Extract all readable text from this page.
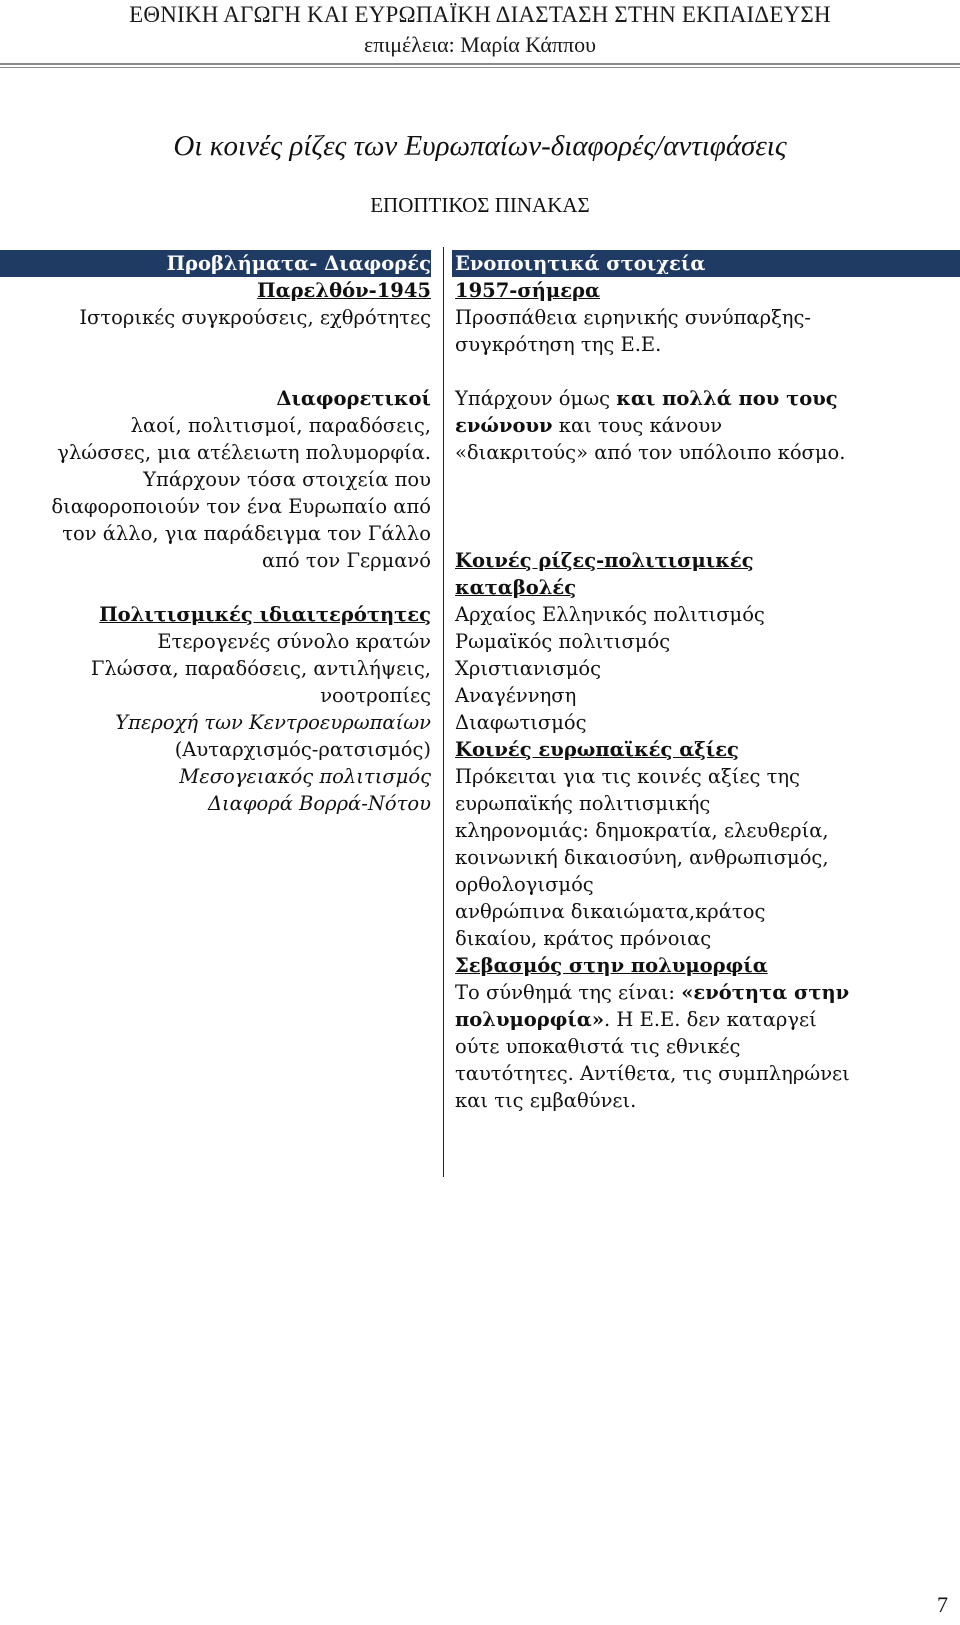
ΕΘΝΙΚΗ ΑΓΩΓΗ ΚΑΙ ΕΥΡΩΠΑΪΚΗ ΔΙΑΣΤΑΣΗ ΣΤΗΝ ΕΚΠΑΙΔΕΥΣΗ
επιμέλεια: Μαρία Κάππου
Οι κοινές ρίζες των Ευρωπαίων-διαφορές/αντιφάσεις
ΕΠΟΠΤΙΚΟΣ ΠΙΝΑΚΑΣ

Προβλήματα- Διαφορές

Παρελθόν-1945

Ιστορικές συγκρούσεις, εχθρότητες

Διαφορετικοί

λαοί, πολιτισμοί, παραδόσεις,

γλώσσες, μια ατέλειωτη πολυμορφία.

Υπάρχουν τόσα στοιχεία που

διαφοροποιούν τον ένα Ευρωπαίο από

τον άλλο, για παράδειγμα τον Γάλλο

από τον Γερμανό

Πολιτισμικές ιδιαιτερότητες

Ετερογενές σύνολο κρατών

Γλώσσα, παραδόσεις, αντιλήψεις,

νοοτροπίες

Υπεροχή των Κεντροευρωπαίων

(Αυταρχισμός-ρατσισμός)

Μεσογειακός πολιτισμός

Διαφορά Βορρά-Νότου

Ενοποιητικά στοιχεία

1957-σήμερα

Προσπάθεια ειρηνικής συνύπαρξης-

συγκρότηση της Ε.Ε.

Υπάρχουν όμως και πολλά που τους

ενώνουν και τους κάνουν

«διακριτούς» από τον υπόλοιπο κόσμο.

Κοινές ρίζες-πολιτισμικές

καταβολές

Αρχαίος Ελληνικός πολιτισμός

Ρωμαϊκός πολιτισμός

Χριστιανισμός

Αναγέννηση

Διαφωτισμός

Κοινές ευρωπαϊκές αξίες

Πρόκειται για τις κοινές αξίες της

ευρωπαϊκής πολιτισμικής

κληρονομιάς: δημοκρατία, ελευθερία,

κοινωνική δικαιοσύνη, ανθρωπισμός,

ορθολογισμός

ανθρώπινα δικαιώματα,κράτος

δικαίου, κράτος πρόνοιας

Σεβασμός στην πολυμορφία

Το σύνθημά της είναι: «ενότητα στην

πολυμορφία». Η Ε.Ε. δεν καταργεί

ούτε υποκαθιστά τις εθνικές

ταυτότητες. Αντίθετα, τις συμπληρώνει

και τις εμβαθύνει.

7
